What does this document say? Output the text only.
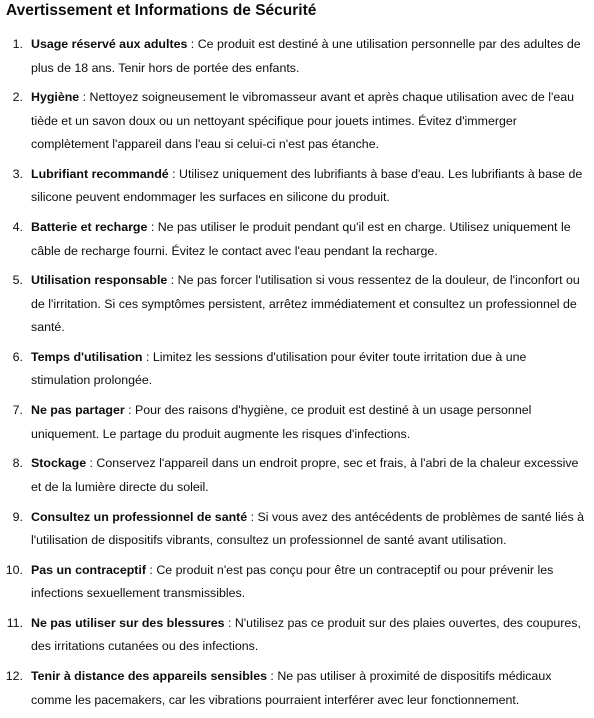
Avertissement et Informations de Sécurité
1. Usage réservé aux adultes : Ce produit est destiné à une utilisation personnelle par des adultes de plus de 18 ans. Tenir hors de portée des enfants.
2. Hygiène : Nettoyez soigneusement le vibromasseur avant et après chaque utilisation avec de l'eau tiède et un savon doux ou un nettoyant spécifique pour jouets intimes. Évitez d'immerger complètement l'appareil dans l'eau si celui-ci n'est pas étanche.
3. Lubrifiant recommandé : Utilisez uniquement des lubrifiants à base d'eau. Les lubrifiants à base de silicone peuvent endommager les surfaces en silicone du produit.
4. Batterie et recharge : Ne pas utiliser le produit pendant qu'il est en charge. Utilisez uniquement le câble de recharge fourni. Évitez le contact avec l'eau pendant la recharge.
5. Utilisation responsable : Ne pas forcer l'utilisation si vous ressentez de la douleur, de l'inconfort ou de l'irritation. Si ces symptômes persistent, arrêtez immédiatement et consultez un professionnel de santé.
6. Temps d'utilisation : Limitez les sessions d'utilisation pour éviter toute irritation due à une stimulation prolongée.
7. Ne pas partager : Pour des raisons d'hygiène, ce produit est destiné à un usage personnel uniquement. Le partage du produit augmente les risques d'infections.
8. Stockage : Conservez l'appareil dans un endroit propre, sec et frais, à l'abri de la chaleur excessive et de la lumière directe du soleil.
9. Consultez un professionnel de santé : Si vous avez des antécédents de problèmes de santé liés à l'utilisation de dispositifs vibrants, consultez un professionnel de santé avant utilisation.
10. Pas un contraceptif : Ce produit n'est pas conçu pour être un contraceptif ou pour prévenir les infections sexuellement transmissibles.
11. Ne pas utiliser sur des blessures : N'utilisez pas ce produit sur des plaies ouvertes, des coupures, des irritations cutanées ou des infections.
12. Tenir à distance des appareils sensibles : Ne pas utiliser à proximité de dispositifs médicaux comme les pacemakers, car les vibrations pourraient interférer avec leur fonctionnement.
